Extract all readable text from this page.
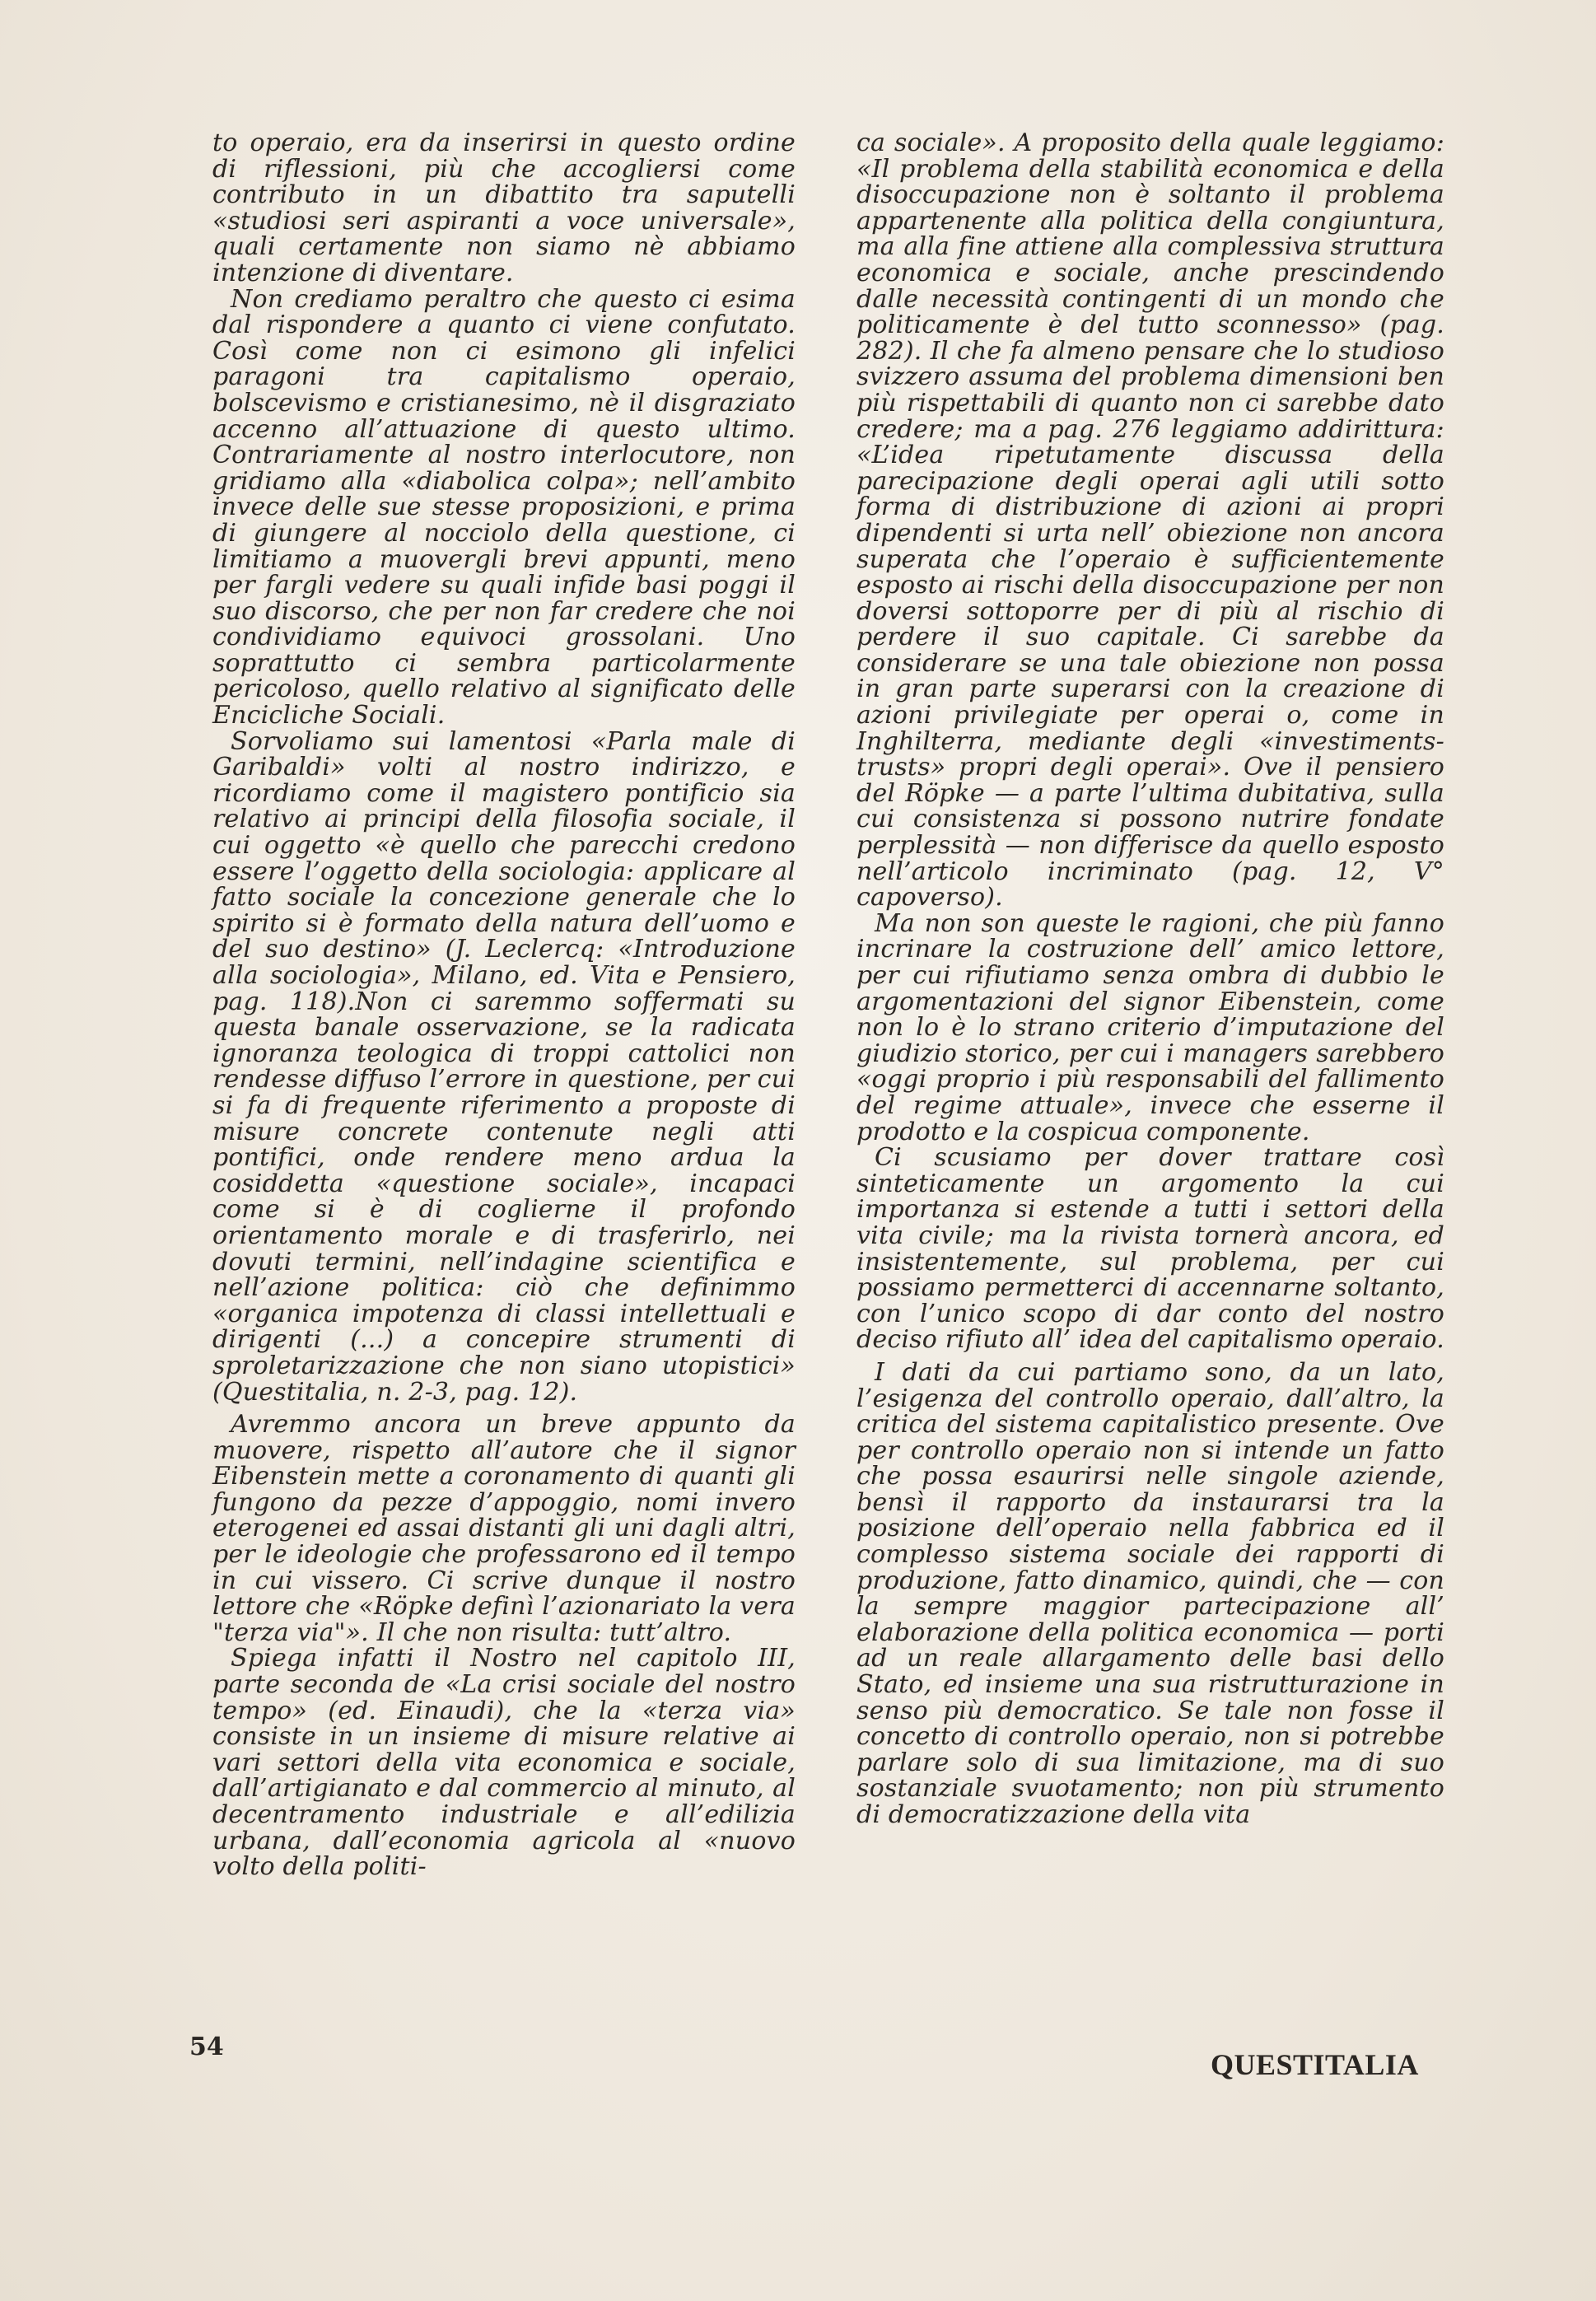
to operaio, era da inserirsi in questo ordine di riflessioni, più che accogliersi come contributo in un dibattito tra saputelli «studiosi seri aspiranti a voce universale», quali certamente non siamo nè abbiamo intenzione di diventare.

Non crediamo peraltro che questo ci esima dal rispondere a quanto ci viene confutato. Così come non ci esimono gli infelici paragoni tra capitalismo operaio, bolscevismo e cristianesimo, nè il disgraziato accenno all’attuazione di questo ultimo. Contrariamente al nostro interlocutore, non gridiamo alla «diabolica colpa»; nell’ambito invece delle sue stesse proposizioni, e prima di giungere al nocciolo della questione, ci limitiamo a muovergli brevi appunti, meno per fargli vedere su quali infide basi poggi il suo discorso, che per non far credere che noi condividiamo equivoci grossolani. Uno soprattutto ci sembra particolarmente pericoloso, quello relativo al significato delle Encicliche Sociali.

Sorvoliamo sui lamentosi «Parla male di Garibaldi» volti al nostro indirizzo, e ricordiamo come il magistero pontificio sia relativo ai principi della filosofia sociale, il cui oggetto «è quello che parecchi credono essere l’oggetto della sociologia: applicare al fatto sociale la concezione generale che lo spirito si è formato della natura dell’uomo e del suo destino» (J. Leclercq: «Introduzione alla sociologia», Milano, ed. Vita e Pensiero, pag. 118).Non ci saremmo soffermati su questa banale osservazione, se la radicata ignoranza teologica di troppi cattolici non rendesse diffuso l’errore in questione, per cui si fa di frequente riferimento a proposte di misure concrete contenute negli atti pontifici, onde rendere meno ardua la cosiddetta «questione sociale», incapaci come si è di coglierne il profondo orientamento morale e di trasferirlo, nei dovuti termini, nell’indagine scientifica e nell’azione politica: ciò che definimmo «organica impotenza di classi intellettuali e dirigenti (...) a concepire strumenti di sproletarizzazione che non siano utopistici» (Questitalia, n. 2-3, pag. 12).

Avremmo ancora un breve appunto da muovere, rispetto all’autore che il signor Eibenstein mette a coronamento di quanti gli fungono da pezze d’appoggio, nomi invero eterogenei ed assai distanti gli uni dagli altri, per le ideologie che professarono ed il tempo in cui vissero. Ci scrive dunque il nostro lettore che «Röpke definì l’azionariato la vera "terza via"». Il che non risulta: tutt’altro.

Spiega infatti il Nostro nel capitolo III, parte seconda de «La crisi sociale del nostro tempo» (ed. Einaudi), che la «terza via» consiste in un insieme di misure relative ai vari settori della vita economica e sociale, dall’artigianato e dal commercio al minuto, al decentramento industriale e all’edilizia urbana, dall’economia agricola al «nuovo volto della politi-

ca sociale». A proposito della quale leggiamo: «Il problema della stabilità economica e della disoccupazione non è soltanto il problema appartenente alla politica della congiuntura, ma alla fine attiene alla complessiva struttura economica e sociale, anche prescindendo dalle necessità contingenti di un mondo che politicamente è del tutto sconnesso» (pag. 282). Il che fa almeno pensare che lo studioso svizzero assuma del problema dimensioni ben più rispettabili di quanto non ci sarebbe dato credere; ma a pag. 276 leggiamo addirittura: «L’idea ripetutamente discussa della parecipazione degli operai agli utili sotto forma di distribuzione di azioni ai propri dipendenti si urta nell’ obiezione non ancora superata che l’operaio è sufficientemente esposto ai rischi della disoccupazione per non doversi sottoporre per di più al rischio di perdere il suo capitale. Ci sarebbe da considerare se una tale obiezione non possa in gran parte superarsi con la creazione di azioni privilegiate per operai o, come in Inghilterra, mediante degli «investiments-trusts» propri degli operai». Ove il pensiero del Röpke — a parte l’ultima dubitativa, sulla cui consistenza si possono nutrire fondate perplessità — non differisce da quello esposto nell’articolo incriminato (pag. 12, V° capoverso).

Ma non son queste le ragioni, che più fanno incrinare la costruzione dell’ amico lettore, per cui rifiutiamo senza ombra di dubbio le argomentazioni del signor Eibenstein, come non lo è lo strano criterio d’imputazione del giudizio storico, per cui i managers sarebbero «oggi proprio i più responsabili del fallimento del regime attuale», invece che esserne il prodotto e la cospicua componente.

Ci scusiamo per dover trattare così sinteticamente un argomento la cui importanza si estende a tutti i settori della vita civile; ma la rivista tornerà ancora, ed insistentemente, sul problema, per cui possiamo permetterci di accennarne soltanto, con l’unico scopo di dar conto del nostro deciso rifiuto all’ idea del capitalismo operaio.

I dati da cui partiamo sono, da un lato, l’esigenza del controllo operaio, dall’altro, la critica del sistema capitalistico presente. Ove per controllo operaio non si intende un fatto che possa esaurirsi nelle singole aziende, bensì il rapporto da instaurarsi tra la posizione dell’operaio nella fabbrica ed il complesso sistema sociale dei rapporti di produzione, fatto dinamico, quindi, che — con la sempre maggior partecipazione all’ elaborazione della politica economica — porti ad un reale allargamento delle basi dello Stato, ed insieme una sua ristrutturazione in senso più democratico. Se tale non fosse il concetto di controllo operaio, non si potrebbe parlare solo di sua limitazione, ma di suo sostanziale svuotamento; non più strumento di democratizzazione della vita

54
QUESTITALIA
